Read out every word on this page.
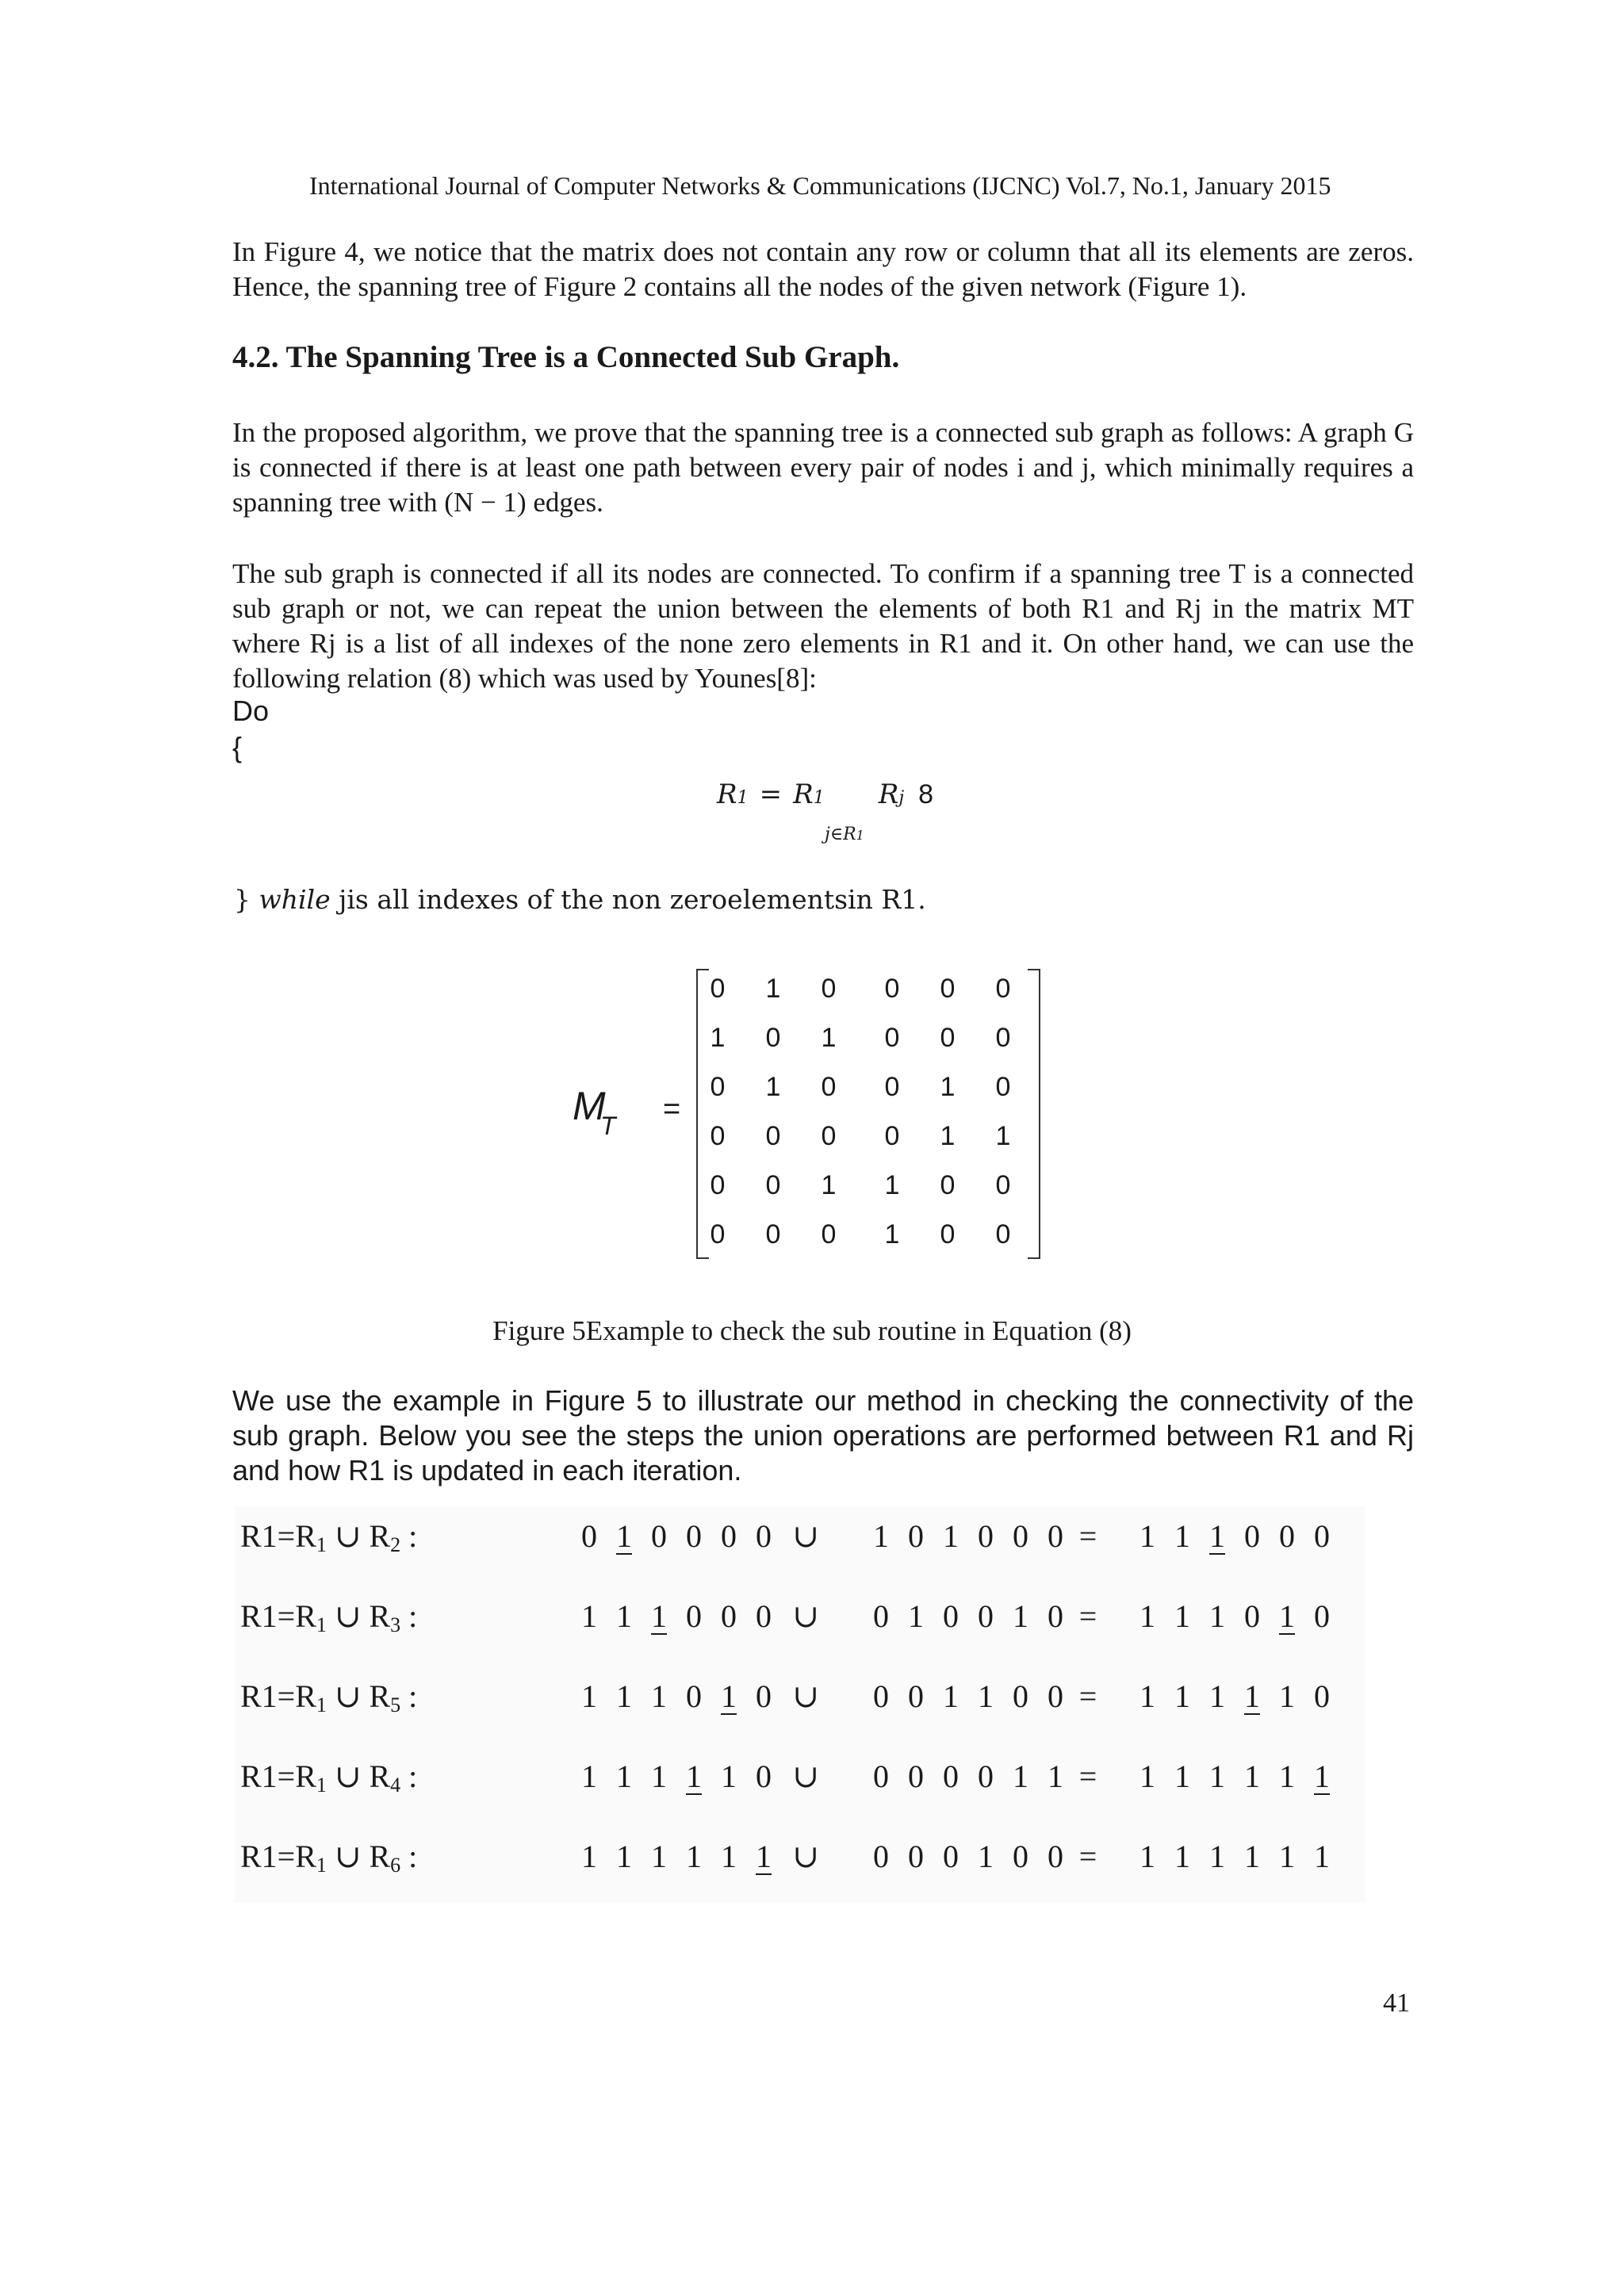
International Journal of Computer Networks & Communications (IJCNC) Vol.7, No.1, January 2015
In Figure 4, we notice that the matrix does not contain any row or column that all its elements are zeros. Hence, the spanning tree of Figure 2 contains all the nodes of the given network (Figure 1).
4.2. The Spanning Tree is a Connected Sub Graph.
In the proposed algorithm, we prove that the spanning tree is a connected sub graph as follows: A graph G is connected if there is at least one path between every pair of nodes i and j, which minimally requires a spanning tree with (N − 1) edges.
The sub graph is connected if all its nodes are connected. To confirm if a spanning tree T is a connected sub graph or not, we can repeat the union between the elements of both R1 and Rj in the matrix MT where Rj is a list of all indexes of the none zero elements in R1 and it. On other hand, we can use the following relation (8) which was used by Younes[8]:
Do
{
R1 = R1 Rj 8
j∈R1
} while jis all indexes of the non zeroelementsin R1.
M
T =
0 1 0 0 0 0
1 0 1 0 0 0
0 1 0 0 1 0
0 0 0 0 1 1
0 0 1 1 0 0
0 0 0 1 0 0
Figure 5Example to check the sub routine in Equation (8)
We use the example in Figure 5 to illustrate our method in checking the connectivity of the sub graph. Below you see the steps the union operations are performed between R1 and Rj and how R1 is updated in each iteration.
$R1=R_1$ ∪ $R_2$ :	0 1 0 0 0 0 ∪ 1 0 1 0 0 0 = 1 1 1 0 0 0
$R1=R_1$ ∪ $R_3$ :	1 1 1 0 0 0 ∪ 0 1 0 0 1 0 = 1 1 1 0 1 0
$R1=R_1$ ∪ $R_5$ :	1 1 1 0 1 0 ∪ 0 0 1 1 0 0 = 1 1 1 1 1 0
$R1=R_1$ ∪ $R_4$ :	1 1 1 1 1 0 ∪ 0 0 0 0 1 1 = 1 1 1 1 1 1
$R1=R_1$ ∪ $R_6$ :	1 1 1 1 1 1 ∪ 0 0 0 1 0 0 = 1 1 1 1 1 1
41
